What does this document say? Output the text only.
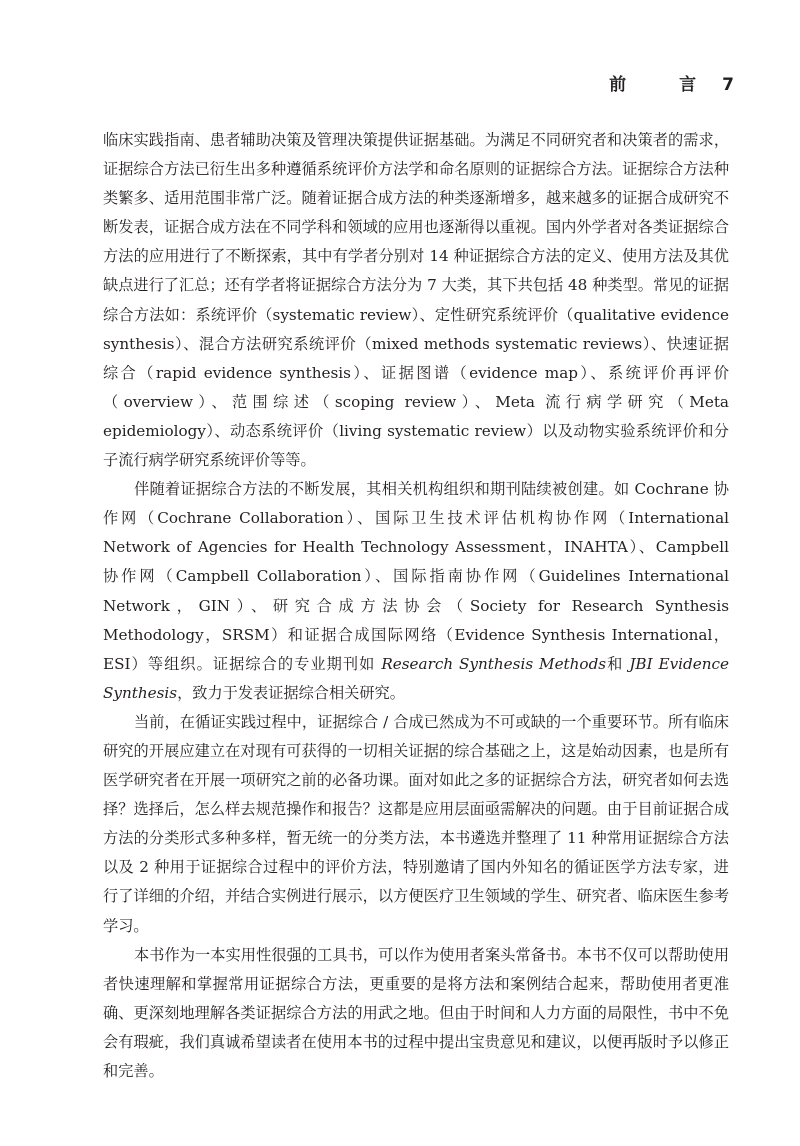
前　言 7

临床实践指南、患者辅助决策及管理决策提供证据基础。为满足不同研究者和决策者的需求，证据综合方法已衍生出多种遵循系统评价方法学和命名原则的证据综合方法。证据综合方法种类繁多、适用范围非常广泛。随着证据合成方法的种类逐渐增多，越来越多的证据合成研究不断发表，证据合成方法在不同学科和领域的应用也逐渐得以重视。国内外学者对各类证据综合方法的应用进行了不断探索，其中有学者分别对 14 种证据综合方法的定义、使用方法及其优缺点进行了汇总；还有学者将证据综合方法分为 7 大类，其下共包括 48 种类型。常见的证据综合方法如：系统评价（systematic review）、定性研究系统评价（qualitative evidence synthesis）、混合方法研究系统评价（mixed methods systematic reviews）、快速证据综合（rapid evidence synthesis）、证据图谱（evidence map）、系统评价再评价（overview）、范围综述（scoping review）、Meta 流行病学研究（Meta epidemiology）、动态系统评价（living systematic review）以及动物实验系统评价和分子流行病学研究系统评价等等。

伴随着证据综合方法的不断发展，其相关机构组织和期刊陆续被创建。如 Cochrane 协作网（Cochrane Collaboration）、国际卫生技术评估机构协作网（International Network of Agencies for Health Technology Assessment，INAHTA）、Campbell 协作网（Campbell Collaboration）、国际指南协作网（Guidelines International Network，GIN）、研究合成方法协会（Society for Research Synthesis Methodology，SRSM）和证据合成国际网络（Evidence Synthesis International，ESI）等组织。证据综合的专业期刊如 Research Synthesis Methods和 JBI Evidence Synthesis，致力于发表证据综合相关研究。

当前，在循证实践过程中，证据综合 / 合成已然成为不可或缺的一个重要环节。所有临床研究的开展应建立在对现有可获得的一切相关证据的综合基础之上，这是始动因素，也是所有医学研究者在开展一项研究之前的必备功课。面对如此之多的证据综合方法，研究者如何去选择？选择后，怎么样去规范操作和报告？这都是应用层面亟需解决的问题。由于目前证据合成方法的分类形式多种多样，暂无统一的分类方法，本书遴选并整理了 11 种常用证据综合方法以及 2 种用于证据综合过程中的评价方法，特别邀请了国内外知名的循证医学方法专家，进行了详细的介绍，并结合实例进行展示，以方便医疗卫生领域的学生、研究者、临床医生参考学习。

本书作为一本实用性很强的工具书，可以作为使用者案头常备书。本书不仅可以帮助使用者快速理解和掌握常用证据综合方法，更重要的是将方法和案例结合起来，帮助使用者更准确、更深刻地理解各类证据综合方法的用武之地。但由于时间和人力方面的局限性，书中不免会有瑕疵，我们真诚希望读者在使用本书的过程中提出宝贵意见和建议，以便再版时予以修正和完善。
